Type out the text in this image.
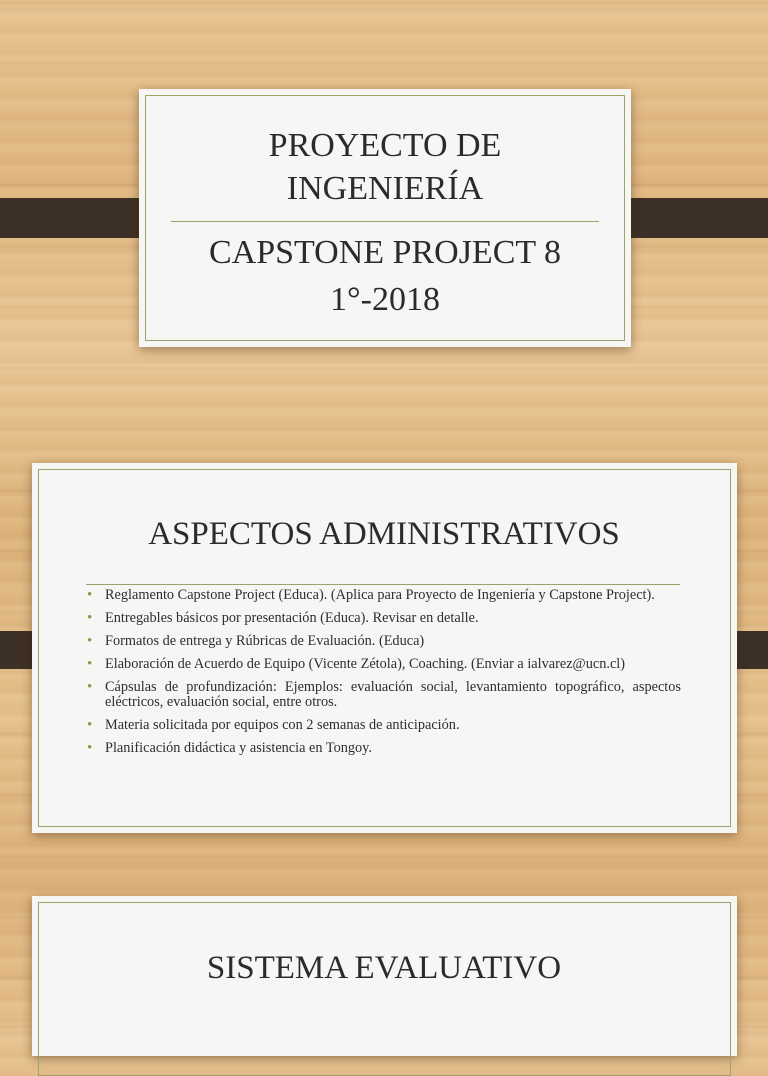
PROYECTO DE
INGENIERÍA
CAPSTONE PROJECT 8
1°-2018
ASPECTOS ADMINISTRATIVOS
• Reglamento Capstone Project (Educa). (Aplica para Proyecto de Ingeniería y Capstone Project).
• Entregables básicos por presentación (Educa). Revisar en detalle.
• Formatos de entrega y Rúbricas de Evaluación. (Educa)
• Elaboración de Acuerdo de Equipo (Vicente Zétola), Coaching. (Enviar a ialvarez@ucn.cl)
• Cápsulas de profundización: Ejemplos: evaluación social, levantamiento topográfico, aspectos eléctricos, evaluación social, entre otros.
• Materia solicitada por equipos con 2 semanas de anticipación.
• Planificación didáctica y asistencia en Tongoy.
SISTEMA EVALUATIVO
